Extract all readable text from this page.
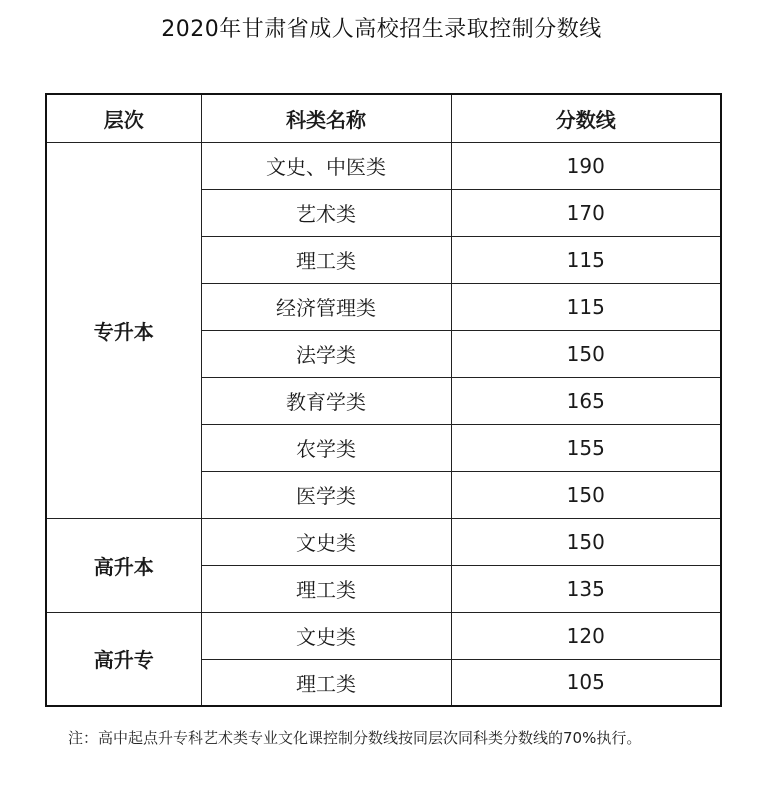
2020年甘肃省成人高校招生录取控制分数线
层次	科类名称	分数线
专升本	文史、中医类	190
	艺术类	170
	理工类	115
	经济管理类	115
	法学类	150
	教育学类	165
	农学类	155
	医学类	150
高升本	文史类	150
	理工类	135
高升专	文史类	120
	理工类	105
注：高中起点升专科艺术类专业文化课控制分数线按同层次同科类分数线的70%执行。
